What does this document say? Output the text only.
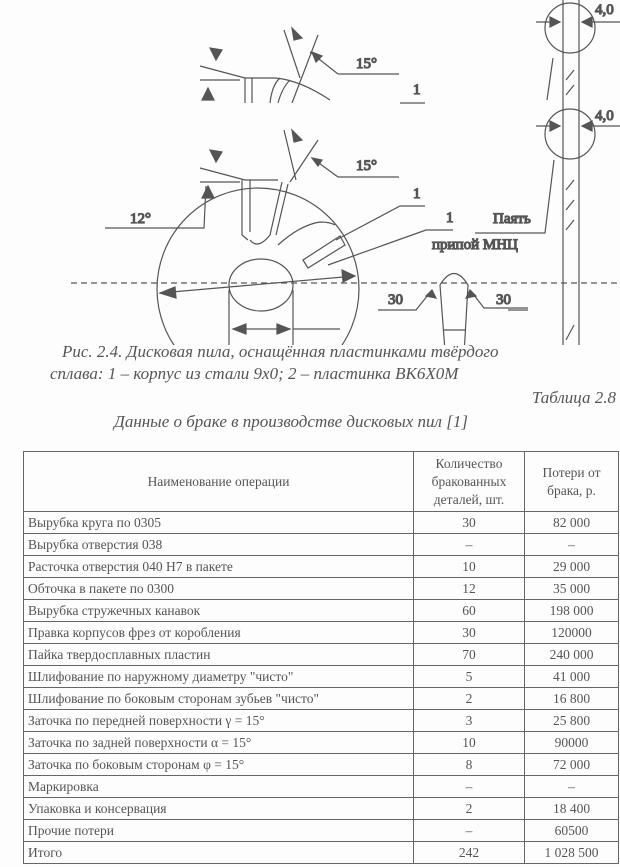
15°
1
15°
12°
1
1
30	30
4,0
4,0
Паять
припой МНЦ
Рис. 2.4. Дисковая пила, оснащённая пластинками твёрдого
сплава: 1 – корпус из стали 9х0; 2 – пластинка ВК6Х0М
Таблица 2.8
Данные о браке в производстве дисковых пил [1]
Наименование операции	Количество бракованных деталей, шт.	Потери от брака, р.
Вырубка круга по 0305	30	82 000
Вырубка отверстия 038	–	–
Расточка отверстия 040 Н7 в пакете	10	29 000
Обточка в пакете по 0300	12	35 000
Вырубка стружечных канавок	60	198 000
Правка корпусов фрез от коробления	30	120000
Пайка твердосплавных пластин	70	240 000
Шлифование по наружному диаметру "чисто"	5	41 000
Шлифование по боковым сторонам зубьев "чисто"	2	16 800
Заточка по передней поверхности γ = 15°	3	25 800
Заточка по задней поверхности α = 15°	10	90000
Заточка по боковым сторонам φ = 15°	8	72 000
Маркировка	–	–
Упаковка и консервация	2	18 400
Прочие потери	–	60500
Итого	242	1 028 500
